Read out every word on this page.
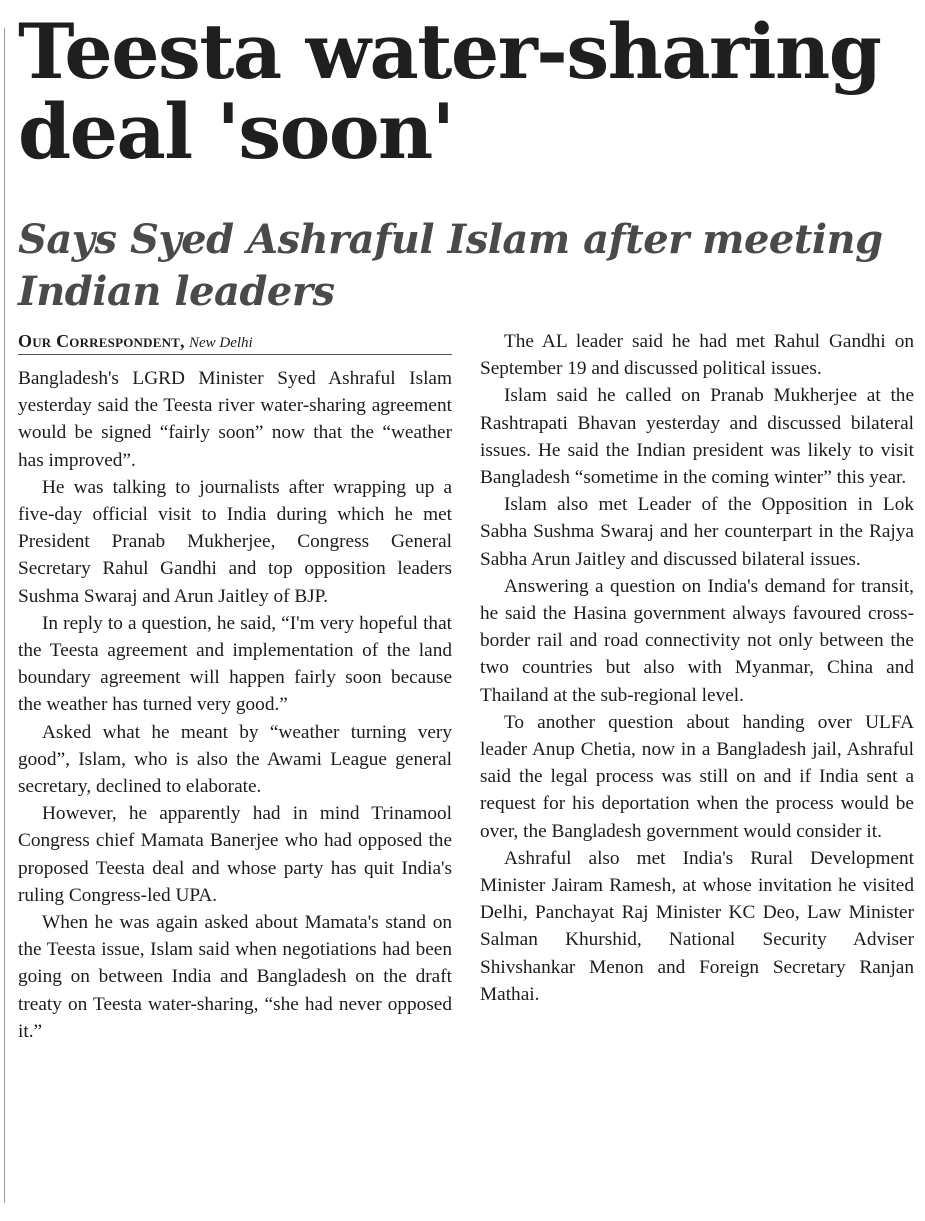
Teesta water-sharing deal 'soon'
Says Syed Ashraful Islam after meeting Indian leaders
Our Correspondent, New Delhi

Bangladesh's LGRD Minister Syed Ashraful Islam yesterday said the Teesta river water-sharing agreement would be signed “fairly soon” now that the “weather has improved”.

He was talking to journalists after wrapping up a five-day official visit to India during which he met President Pranab Mukherjee, Congress General Secretary Rahul Gandhi and top opposition leaders Sushma Swaraj and Arun Jaitley of BJP.

In reply to a question, he said, “I'm very hopeful that the Teesta agreement and implementation of the land boundary agreement will happen fairly soon because the weather has turned very good.”

Asked what he meant by “weather turning very good”, Islam, who is also the Awami League general secretary, declined to elaborate.

However, he apparently had in mind Trinamool Congress chief Mamata Banerjee who had opposed the proposed Teesta deal and whose party has quit India's ruling Congress-led UPA.

When he was again asked about Mamata's stand on the Teesta issue, Islam said when negotiations had been going on between India and Bangladesh on the draft treaty on Teesta water-sharing, “she had never opposed it.”

The AL leader said he had met Rahul Gandhi on September 19 and discussed political issues.

Islam said he called on Pranab Mukherjee at the Rashtrapati Bhavan yesterday and discussed bilateral issues. He said the Indian president was likely to visit Bangladesh “sometime in the coming winter” this year.

Islam also met Leader of the Opposition in Lok Sabha Sushma Swaraj and her counterpart in the Rajya Sabha Arun Jaitley and discussed bilateral issues.

Answering a question on India's demand for transit, he said the Hasina government always favoured cross-border rail and road connectivity not only between the two countries but also with Myanmar, China and Thailand at the sub-regional level.

To another question about handing over ULFA leader Anup Chetia, now in a Bangladesh jail, Ashraful said the legal process was still on and if India sent a request for his deportation when the process would be over, the Bangladesh government would consider it.

Ashraful also met India's Rural Development Minister Jairam Ramesh, at whose invitation he visited Delhi, Panchayat Raj Minister KC Deo, Law Minister Salman Khurshid, National Security Adviser Shivshankar Menon and Foreign Secretary Ranjan Mathai.
